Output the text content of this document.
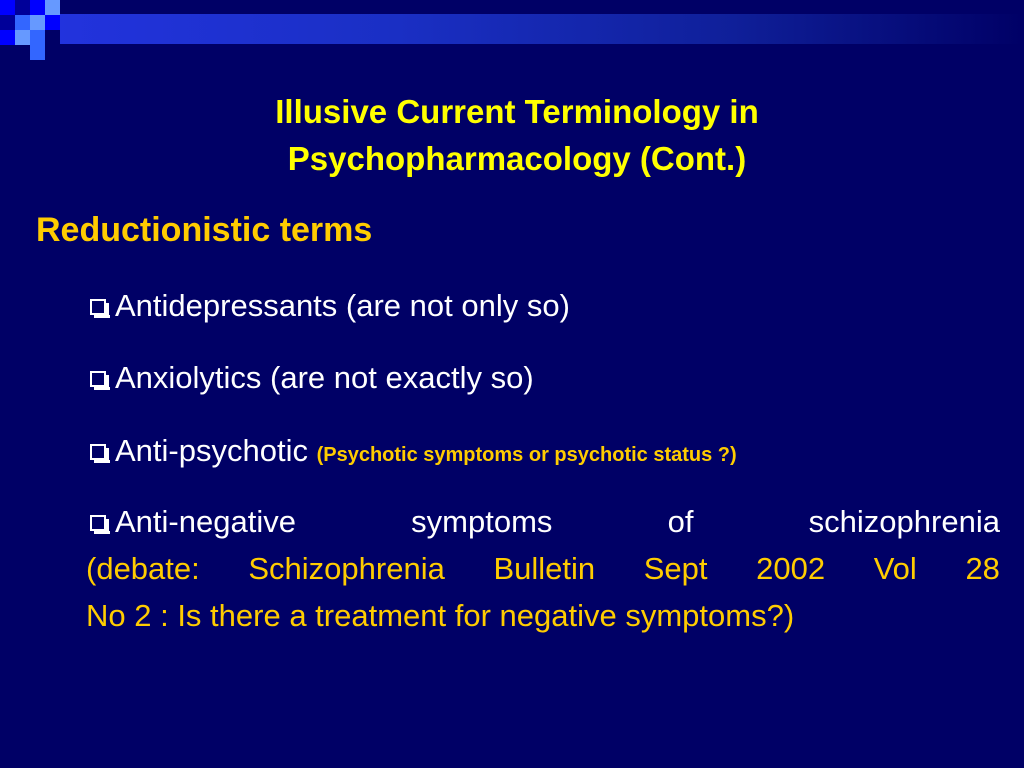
Illusive Current Terminology in
Psychopharmacology (Cont.)
Reductionistic terms
Antidepressants (are not only so)
Anxiolytics (are not exactly so)
Anti-psychotic (Psychotic symptoms or psychotic status ?)
Anti-negative	symptoms	of	schizophrenia
(debate: Schizophrenia Bulletin Sept 2002 Vol 28
No 2 : Is there a treatment for negative symptoms?)
